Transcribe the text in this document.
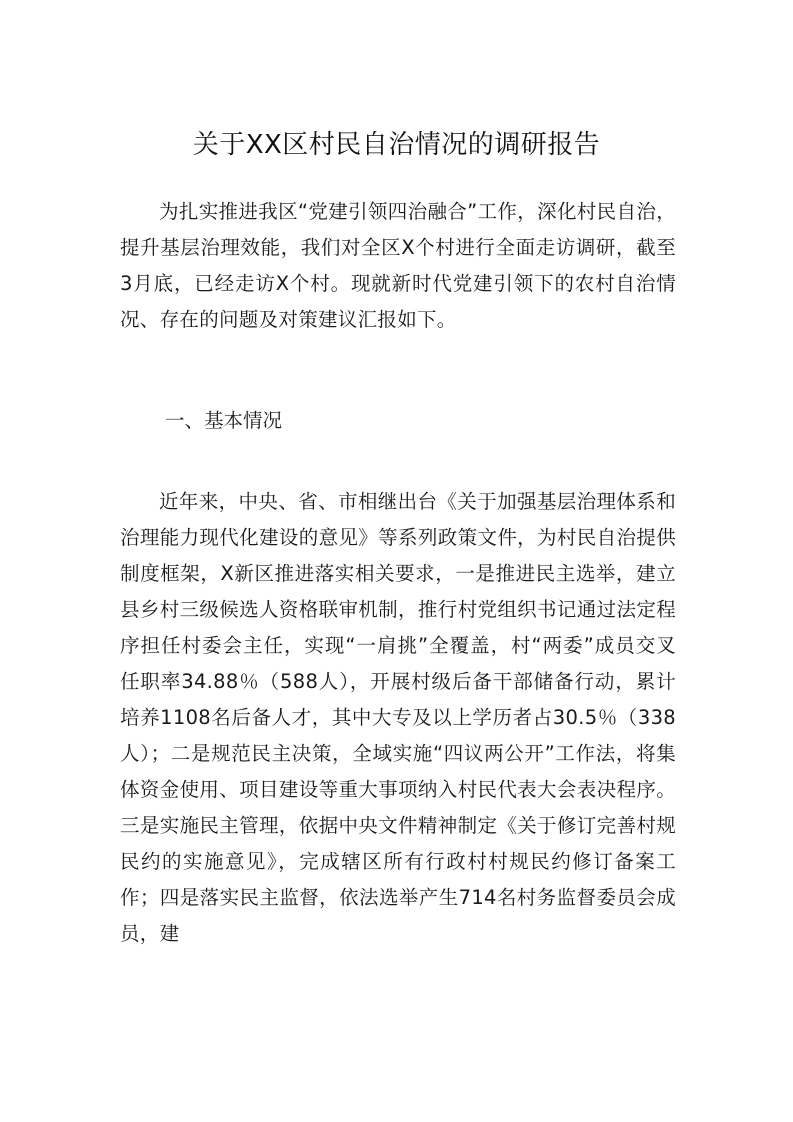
关于XX区村民自治情况的调研报告

为扎实推进我区“党建引领四治融合”工作，深化村民自治，提升基层治理效能，我们对全区X个村进行全面走访调研，截至3月底，已经走访X个村。现就新时代党建引领下的农村自治情况、存在的问题及对策建议汇报如下。

一、基本情况

近年来，中央、省、市相继出台《关于加强基层治理体系和治理能力现代化建设的意见》等系列政策文件，为村民自治提供制度框架，X新区推进落实相关要求，一是推进民主选举，建立县乡村三级候选人资格联审机制，推行村党组织书记通过法定程序担任村委会主任，实现“一肩挑”全覆盖，村“两委”成员交叉任职率34.88％（588人），开展村级后备干部储备行动，累计培养1108名后备人才，其中大专及以上学历者占30.5％（338人）；二是规范民主决策，全域实施“四议两公开”工作法，将集体资金使用、项目建设等重大事项纳入村民代表大会表决程序。三是实施民主管理，依据中央文件精神制定《关于修订完善村规民约的实施意见》，完成辖区所有行政村村规民约修订备案工作；四是落实民主监督，依法选举产生714名村务监督委员会成员，建
